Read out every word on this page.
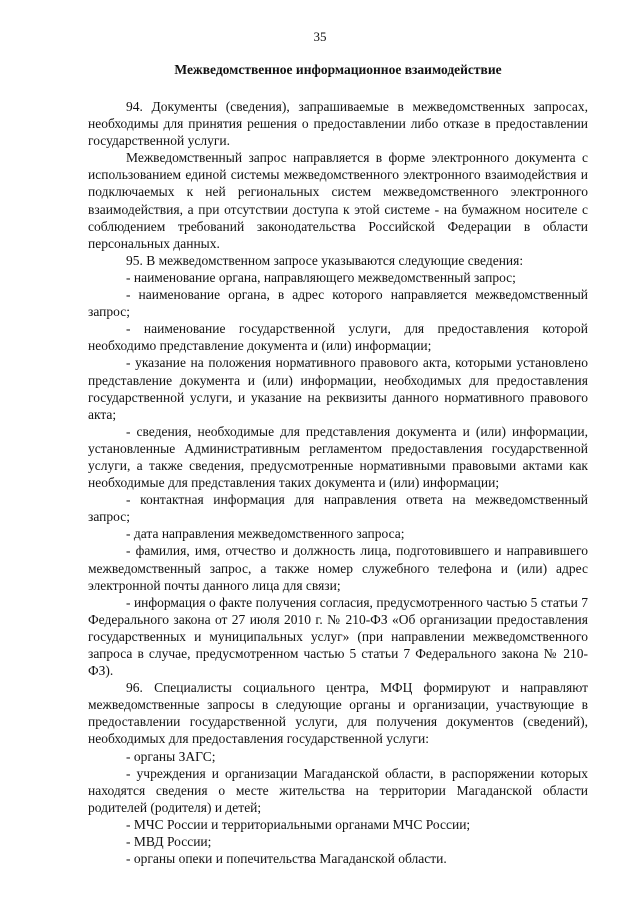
35
Межведомственное информационное взаимодействие

94. Документы (сведения), запрашиваемые в межведомственных запросах, необходимы для принятия решения о предоставлении либо отказе в предоставлении государственной услуги.

Межведомственный запрос направляется в форме электронного документа с использованием единой системы межведомственного электронного взаимодействия и подключаемых к ней региональных систем межведомственного электронного взаимодействия, а при отсутствии доступа к этой системе - на бумажном носителе с соблюдением требований законодательства Российской Федерации в области персональных данных.

95. В межведомственном запросе указываются следующие сведения:

- наименование органа, направляющего межведомственный запрос;

- наименование органа, в адрес которого направляется межведомственный запрос;

- наименование государственной услуги, для предоставления которой необходимо представление документа и (или) информации;

- указание на положения нормативного правового акта, которыми установлено представление документа и (или) информации, необходимых для предоставления государственной услуги, и указание на реквизиты данного нормативного правового акта;

- сведения, необходимые для представления документа и (или) информации, установленные Административным регламентом предоставления государственной услуги, а также сведения, предусмотренные нормативными правовыми актами как необходимые для представления таких документа и (или) информации;

- контактная информация для направления ответа на межведомственный запрос;

- дата направления межведомственного запроса;

- фамилия, имя, отчество и должность лица, подготовившего и направившего межведомственный запрос, а также номер служебного телефона и (или) адрес электронной почты данного лица для связи;

- информация о факте получения согласия, предусмотренного частью 5 статьи 7 Федерального закона от 27 июля 2010 г. № 210-ФЗ «Об организации предоставления государственных и муниципальных услуг» (при направлении межведомственного запроса в случае, предусмотренном частью 5 статьи 7 Федерального закона № 210-ФЗ).

96. Специалисты социального центра, МФЦ формируют и направляют межведомственные запросы в следующие органы и организации, участвующие в предоставлении государственной услуги, для получения документов (сведений), необходимых для предоставления государственной услуги:

- органы ЗАГС;

- учреждения и организации Магаданской области, в распоряжении которых находятся сведения о месте жительства на территории Магаданской области родителей (родителя) и детей;

- МЧС России и территориальными органами МЧС России;

- МВД России;

- органы опеки и попечительства Магаданской области.
